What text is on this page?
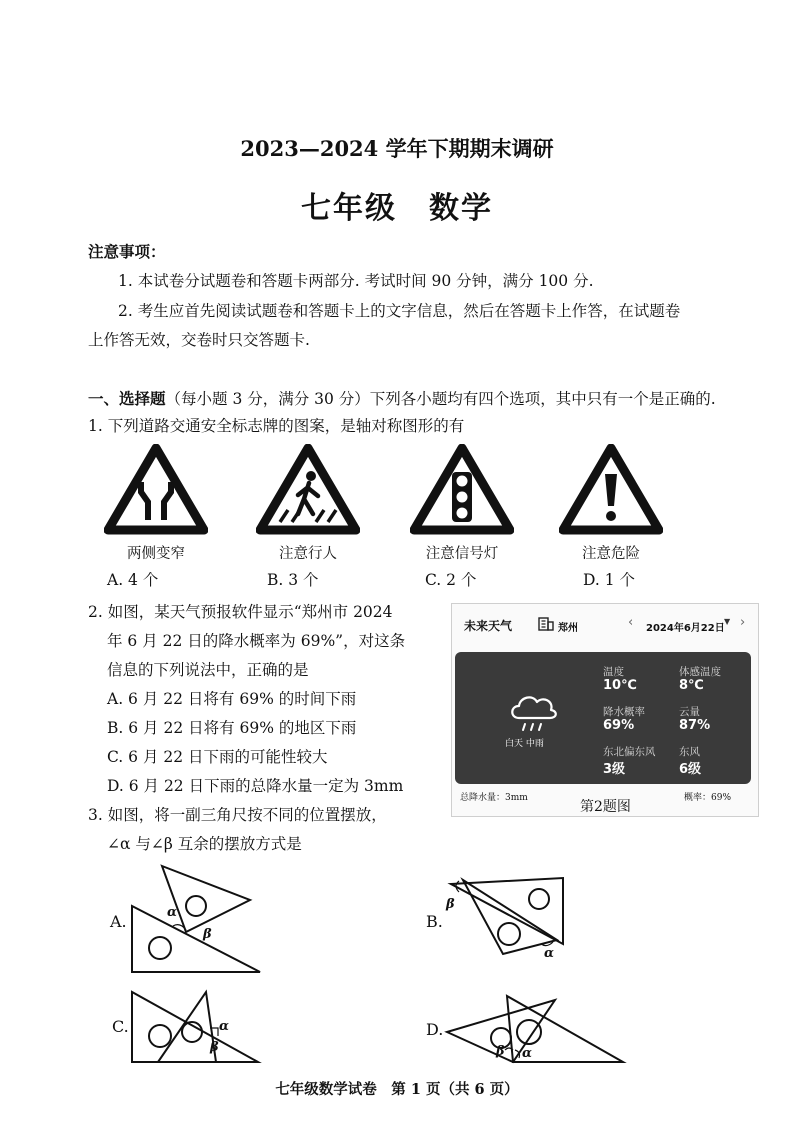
2023—2024 学年下期期末调研
七年级　数学
注意事项：
1. 本试卷分试题卷和答题卡两部分. 考试时间 90 分钟，满分 100 分.
2. 考生应首先阅读试题卷和答题卡上的文字信息，然后在答题卡上作答，在试题卷
上作答无效，交卷时只交答题卡.
一、选择题（每小题 3 分，满分 30 分）下列各小题均有四个选项，其中只有一个是正确的.
1. 下列道路交通安全标志牌的图案，是轴对称图形的有
两侧变窄	注意行人	注意信号灯	注意危险
A. 4 个	B. 3 个	C. 2 个	D. 1 个
2. 如图，某天气预报软件显示“郑州市 2024
年 6 月 22 日的降水概率为 69%”，对这条
信息的下列说法中，正确的是
A. 6 月 22 日将有 69% 的时间下雨
B. 6 月 22 日将有 69% 的地区下雨
C. 6 月 22 日下雨的可能性较大
D. 6 月 22 日下雨的总降水量一定为 3mm
未来天气	郑州	‹ 2024年6月22日
▼ ›
白天 中雨
温度
10℃
体感温度
8℃
降水概率
69%
云量
87%
东北偏东风
3级
东风
6级
总降水量：3mm	概率：69%
第2题图
3. 如图，将一副三角尺按不同的位置摆放，
∠α 与∠β 互余的摆放方式是
A.	α
β
B.
β
α
C.	α
β
D.
β α
七年级数学试卷　第 1 页（共 6 页）
